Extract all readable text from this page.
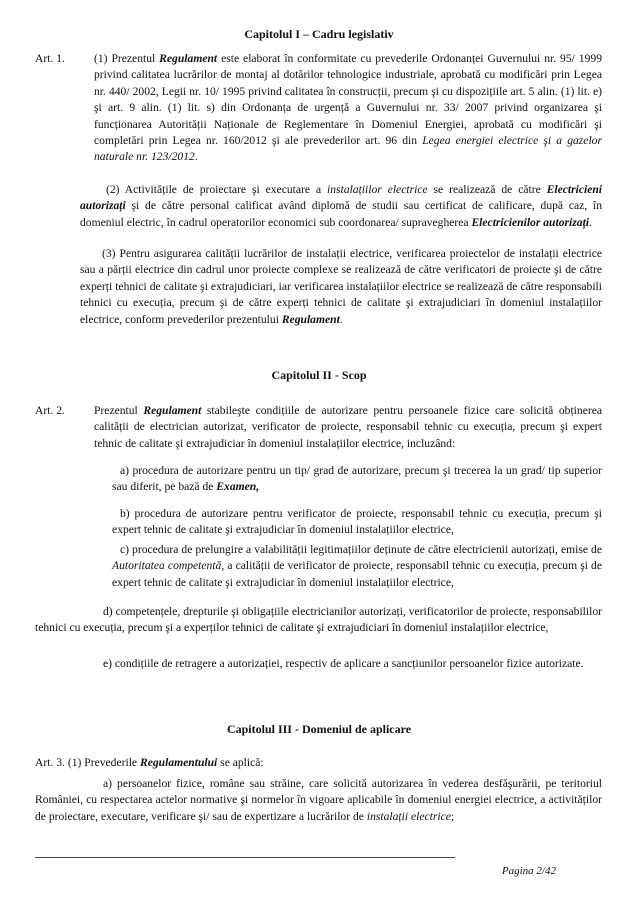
Capitolul I – Cadru legislativ
Art. 1.	(1) Prezentul Regulament este elaborat în conformitate cu prevederile Ordonanței Guvernului nr. 95/ 1999 privind calitatea lucrărilor de montaj al dotărilor tehnologice industriale, aprobată cu modificări prin Legea nr. 440/ 2002, Legii nr. 10/ 1995 privind calitatea în construcții, precum şi cu dispozițiile art. 5 alin. (1) lit. e) şi art. 9 alin. (1) lit. s) din Ordonanța de urgență a Guvernului nr. 33/ 2007 privind organizarea şi funcționarea Autorității Naționale de Reglementare în Domeniul Energiei, aprobată cu modificări şi completări prin Legea nr. 160/2012 şi ale prevederilor art. 96 din Legea energiei electrice şi a gazelor naturale nr. 123/2012.

(2) Activitățile de proiectare şi executare a instalațiilor electrice se realizează de către Electricieni autorizați şi de către personal calificat având diplomă de studii sau certificat de calificare, după caz, în domeniul electric, în cadrul operatorilor economici sub coordonarea/ supravegherea Electricienilor autorizați.

(3) Pentru asigurarea calității lucrărilor de instalații electrice, verificarea proiectelor de instalații electrice sau a părții electrice din cadrul unor proiecte complexe se realizează de către verificatori de proiecte şi de către experți tehnici de calitate şi extrajudiciari, iar verificarea instalațiilor electrice se realizează de către responsabili tehnici cu execuția, precum şi de către experți tehnici de calitate şi extrajudiciari în domeniul instalațiilor electrice, conform prevederilor prezentului Regulament.

Capitolul II - Scop
Art. 2.	Prezentul Regulament stabileşte condițiile de autorizare pentru persoanele fizice care solicită obținerea calității de electrician autorizat, verificator de proiecte, responsabil tehnic cu execuția, precum şi expert tehnic de calitate şi extrajudiciar în domeniul instalațiilor electrice, incluzând:

a) procedura de autorizare pentru un tip/ grad de autorizare, precum şi trecerea la un grad/ tip superior sau diferit, pe bază de Examen,

b) procedura de autorizare pentru verificator de proiecte, responsabil tehnic cu execuția, precum şi expert tehnic de calitate şi extrajudiciar în domeniul instalațiilor electrice,

c) procedura de prelungire a valabilității legitimațiilor deținute de către electricienii autorizați, emise de Autoritatea competentă, a calității de verificator de proiecte, responsabil tehnic cu execuția, precum şi de expert tehnic de calitate şi extrajudiciar în domeniul instalațiilor electrice,

d) competențele, drepturile şi obligațiile electricianilor autorizați, verificatorilor de proiecte, responsabililor tehnici cu execuția, precum şi a experților tehnici de calitate şi extrajudiciari în domeniul instalațiilor electrice,

e) condițiile de retragere a autorizației, respectiv de aplicare a sancțiunilor persoanelor fizice autorizate.

Capitolul III - Domeniul de aplicare

Art. 3. (1) Prevederile Regulamentului se aplică:

a) persoanelor fizice, române sau străine, care solicită autorizarea în vederea desfăşurării, pe teritoriul României, cu respectarea actelor normative şi normelor în vigoare aplicabile în domeniul energiei electrice, a activităților de proiectare, executare, verificare şi/ sau de expertizare a lucrărilor de instalații electrice;

Pagina 2/42
